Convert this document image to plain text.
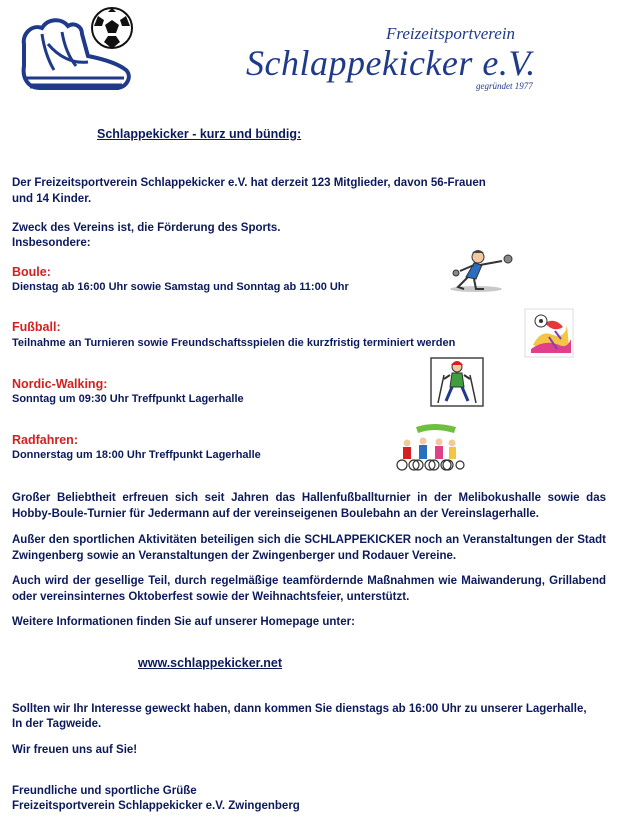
Freizeitsportverein
Schlappekicker e.V.
gegründet 1977
Schlappekicker - kurz und bündig:
Der Freizeitsportverein Schlappekicker e.V. hat derzeit 123 Mitglieder, davon 56-Frauen
und 14 Kinder.
Zweck des Vereins ist, die Förderung des Sports.
Insbesondere:
Boule:
Dienstag ab 16:00 Uhr sowie Samstag und Sonntag ab 11:00 Uhr
Fußball:
Teilnahme an Turnieren sowie Freundschaftsspielen die kurzfristig terminiert werden
Nordic-Walking:
Sonntag um 09:30 Uhr Treffpunkt Lagerhalle
Radfahren:
Donnerstag um 18:00 Uhr Treffpunkt Lagerhalle
Großer Beliebtheit erfreuen sich seit Jahren das Hallenfußballturnier in der Melibokushalle sowie das Hobby-Boule-Turnier für Jedermann auf der vereinseigenen Boulebahn an der Vereinslagerhalle.
Außer den sportlichen Aktivitäten beteiligen sich die SCHLAPPEKICKER noch an Veranstaltungen der Stadt Zwingenberg sowie an Veranstaltungen der Zwingenberger und Rodauer Vereine.
Auch wird der gesellige Teil, durch regelmäßige teamfördernde Maßnahmen wie Maiwanderung, Grillabend oder vereinsinternes Oktoberfest sowie der Weihnachtsfeier, unterstützt.
Weitere Informationen finden Sie auf unserer Homepage unter:
www.schlappekicker.net
Sollten wir Ihr Interesse geweckt haben, dann kommen Sie dienstags ab 16:00 Uhr zu unserer Lagerhalle,
In der Tagweide.
Wir freuen uns auf Sie!
Freundliche und sportliche Grüße
Freizeitsportverein Schlappekicker e.V. Zwingenberg
